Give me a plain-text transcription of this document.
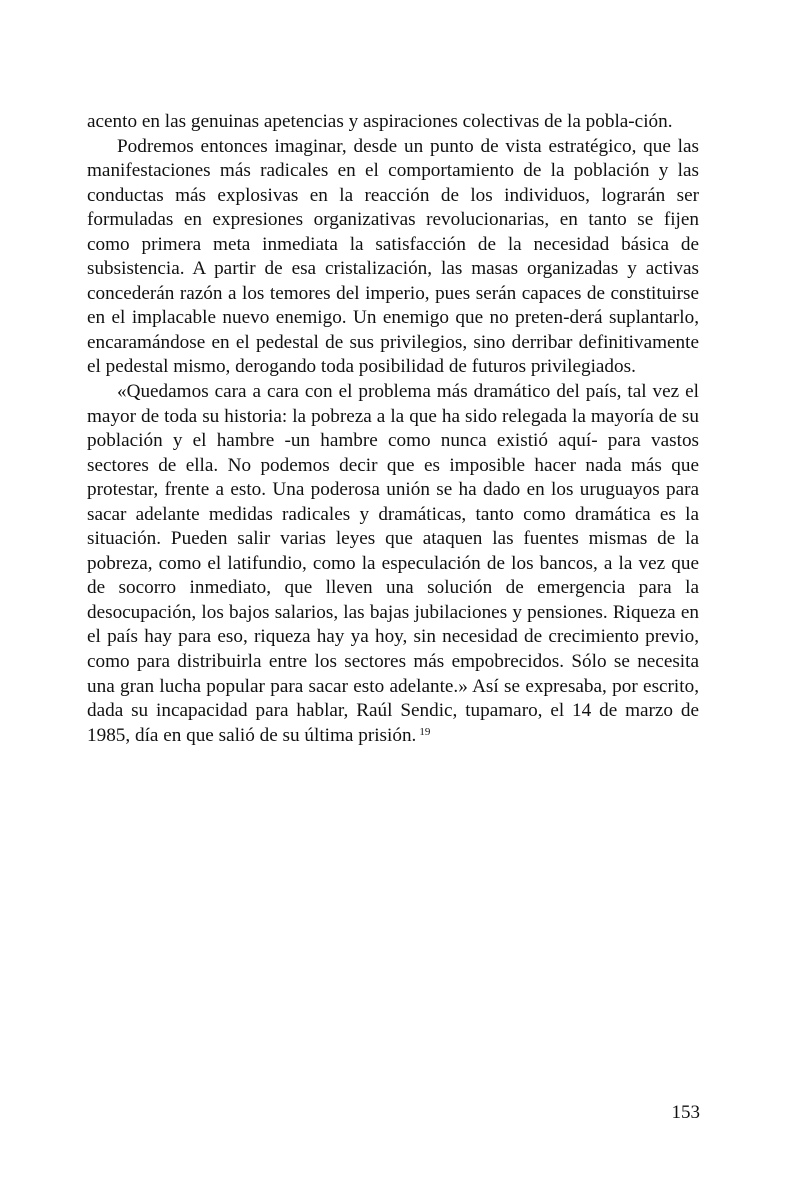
acento en las genuinas apetencias y aspiraciones colectivas de la pobla-ción.

Podremos entonces imaginar, desde un punto de vista estratégico, que las manifestaciones más radicales en el comportamiento de la población y las conductas más explosivas en la reacción de los individuos, lograrán ser formuladas en expresiones organizativas revolucionarias, en tanto se fijen como primera meta inmediata la satisfacción de la necesidad básica de subsistencia. A partir de esa cristalización, las masas organizadas y activas concederán razón a los temores del imperio, pues serán capaces de constituirse en el implacable nuevo enemigo. Un enemigo que no preten-derá suplantarlo, encaramándose en el pedestal de sus privilegios, sino derribar definitivamente el pedestal mismo, derogando toda posibilidad de futuros privilegiados.

«Quedamos cara a cara con el problema más dramático del país, tal vez el mayor de toda su historia: la pobreza a la que ha sido relegada la mayoría de su población y el hambre -un hambre como nunca existió aquí- para vastos sectores de ella. No podemos decir que es imposible hacer nada más que protestar, frente a esto. Una poderosa unión se ha dado en los uruguayos para sacar adelante medidas radicales y dramáticas, tanto como dramática es la situación. Pueden salir varias leyes que ataquen las fuentes mismas de la pobreza, como el latifundio, como la especulación de los bancos, a la vez que de socorro inmediato, que lleven una solución de emergencia para la desocupación, los bajos salarios, las bajas jubilaciones y pensiones. Riqueza en el país hay para eso, riqueza hay ya hoy, sin necesidad de crecimiento previo, como para distribuirla entre los sectores más empobrecidos. Sólo se necesita una gran lucha popular para sacar esto adelante.» Así se expresaba, por escrito, dada su incapacidad para hablar, Raúl Sendic, tupamaro, el 14 de marzo de 1985, día en que salió de su última prisión. $^{19}$

153
